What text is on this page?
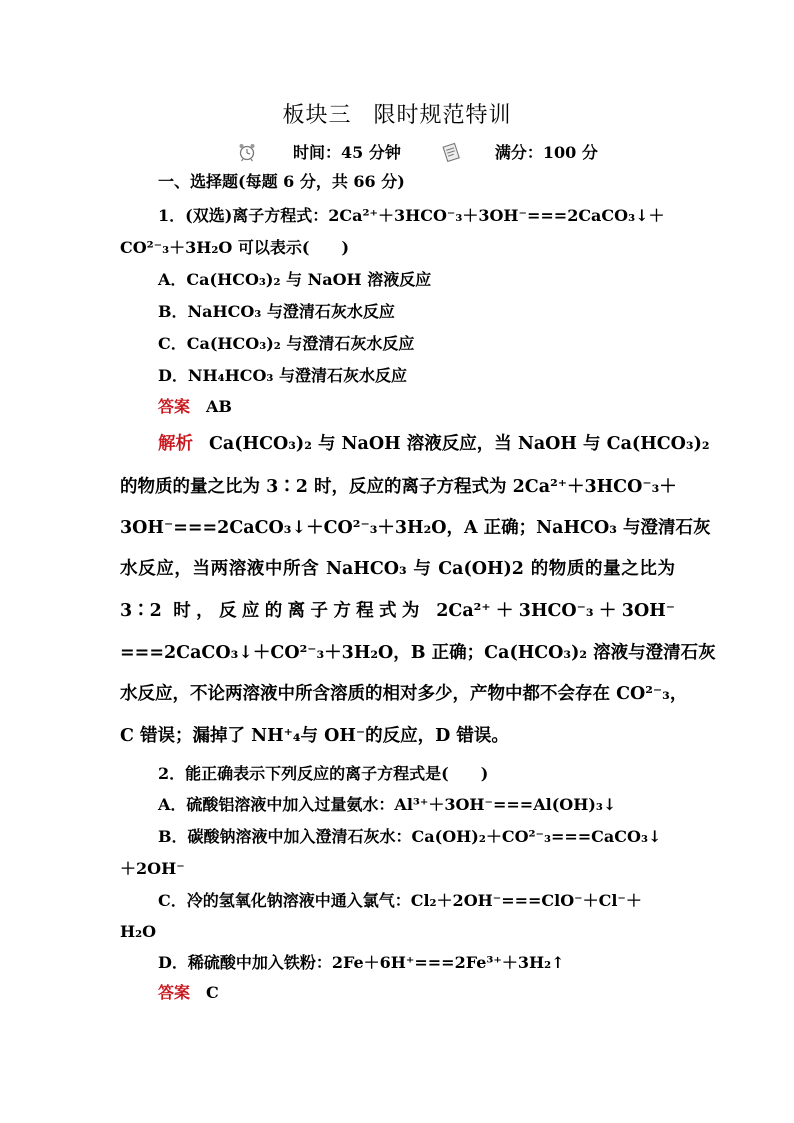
板块三 限时规范特训
时间：45 分钟	满分：100 分
一、选择题(每题 6 分，共 66 分)
1．(双选)离子方程式：2Ca²⁺＋3HCO⁻₃＋3OH⁻===2CaCO₃↓＋
CO²⁻₃＋3H₂O 可以表示(　　)
A．Ca(HCO₃)₂ 与 NaOH 溶液反应
B．NaHCO₃ 与澄清石灰水反应
C．Ca(HCO₃)₂ 与澄清石灰水反应
D．NH₄HCO₃ 与澄清石灰水反应
答案 AB
解析 Ca(HCO₃)₂ 与 NaOH 溶液反应，当 NaOH 与 Ca(HCO₃)₂
的物质的量之比为 3∶2 时，反应的离子方程式为 2Ca²⁺＋3HCO⁻₃＋
3OH⁻===2CaCO₃↓＋CO²⁻₃＋3H₂O，A 正确；NaHCO₃ 与澄清石灰
水反应，当两溶液中所含 NaHCO₃ 与 Ca(OH)2 的物质的量之比为
3∶2 时，反应的离子方程式为 2Ca²⁺＋3HCO⁻₃＋3OH⁻
===2CaCO₃↓＋CO²⁻₃＋3H₂O，B 正确；Ca(HCO₃)₂ 溶液与澄清石灰
水反应，不论两溶液中所含溶质的相对多少，产物中都不会存在 CO²⁻₃，
C 错误；漏掉了 NH⁺₄与 OH⁻的反应，D 错误。
2．能正确表示下列反应的离子方程式是(　　)
A．硫酸铝溶液中加入过量氨水：Al³⁺＋3OH⁻===Al(OH)₃↓
B．碳酸钠溶液中加入澄清石灰水：Ca(OH)₂＋CO²⁻₃===CaCO₃↓
＋2OH⁻
C．冷的氢氧化钠溶液中通入氯气：Cl₂＋2OH⁻===ClO⁻＋Cl⁻＋
H₂O
D．稀硫酸中加入铁粉：2Fe＋6H⁺===2Fe³⁺＋3H₂↑
答案 C
